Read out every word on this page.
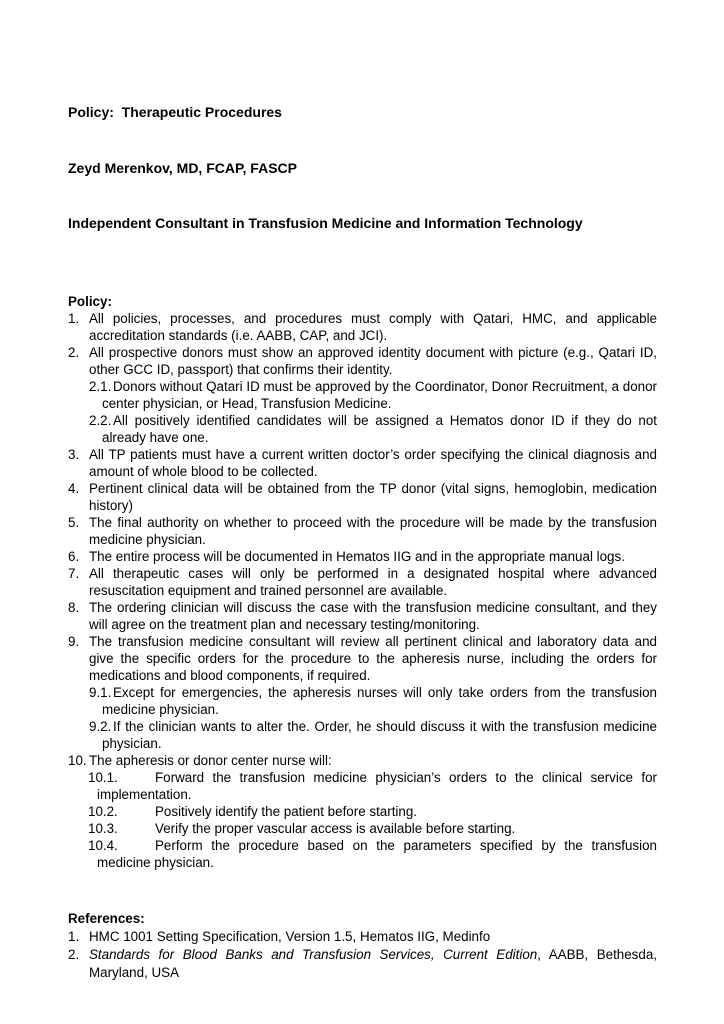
Policy:  Therapeutic Procedures

Zeyd Merenkov, MD, FCAP, FASCP

Independent Consultant in Transfusion Medicine and Information Technology

Policy:

1. All policies, processes, and procedures must comply with Qatari, HMC, and applicable accreditation standards (i.e. AABB, CAP, and JCI).

2. All prospective donors must show an approved identity document with picture (e.g., Qatari ID, other GCC ID, passport) that confirms their identity.

2.1. Donors without Qatari ID must be approved by the Coordinator, Donor Recruitment, a donor center physician, or Head, Transfusion Medicine.

2.2. All positively identified candidates will be assigned a Hematos donor ID if they do not already have one.

3. All TP patients must have a current written doctor’s order specifying the clinical diagnosis and amount of whole blood to be collected.

4. Pertinent clinical data will be obtained from the TP donor (vital signs, hemoglobin, medication history)

5. The final authority on whether to proceed with the procedure will be made by the transfusion medicine physician.

6. The entire process will be documented in Hematos IIG and in the appropriate manual logs.

7. All therapeutic cases will only be performed in a designated hospital where advanced resuscitation equipment and trained personnel are available.

8. The ordering clinician will discuss the case with the transfusion medicine consultant, and they will agree on the treatment plan and necessary testing/monitoring.

9. The transfusion medicine consultant will review all pertinent clinical and laboratory data and give the specific orders for the procedure to the apheresis nurse, including the orders for medications and blood components, if required.

9.1. Except for emergencies, the apheresis nurses will only take orders from the transfusion medicine physician.

9.2. If the clinician wants to alter the. Order, he should discuss it with the transfusion medicine physician.

10. The apheresis or donor center nurse will:

10.1.	Forward the transfusion medicine physician’s orders to the clinical service for implementation.

10.2.	Positively identify the patient before starting.

10.3.	Verify the proper vascular access is available before starting.

10.4.	Perform the procedure based on the parameters specified by the transfusion medicine physician.

References:

1. HMC 1001 Setting Specification, Version 1.5, Hematos IIG, Medinfo

2. Standards for Blood Banks and Transfusion Services, Current Edition, AABB, Bethesda, Maryland, USA
